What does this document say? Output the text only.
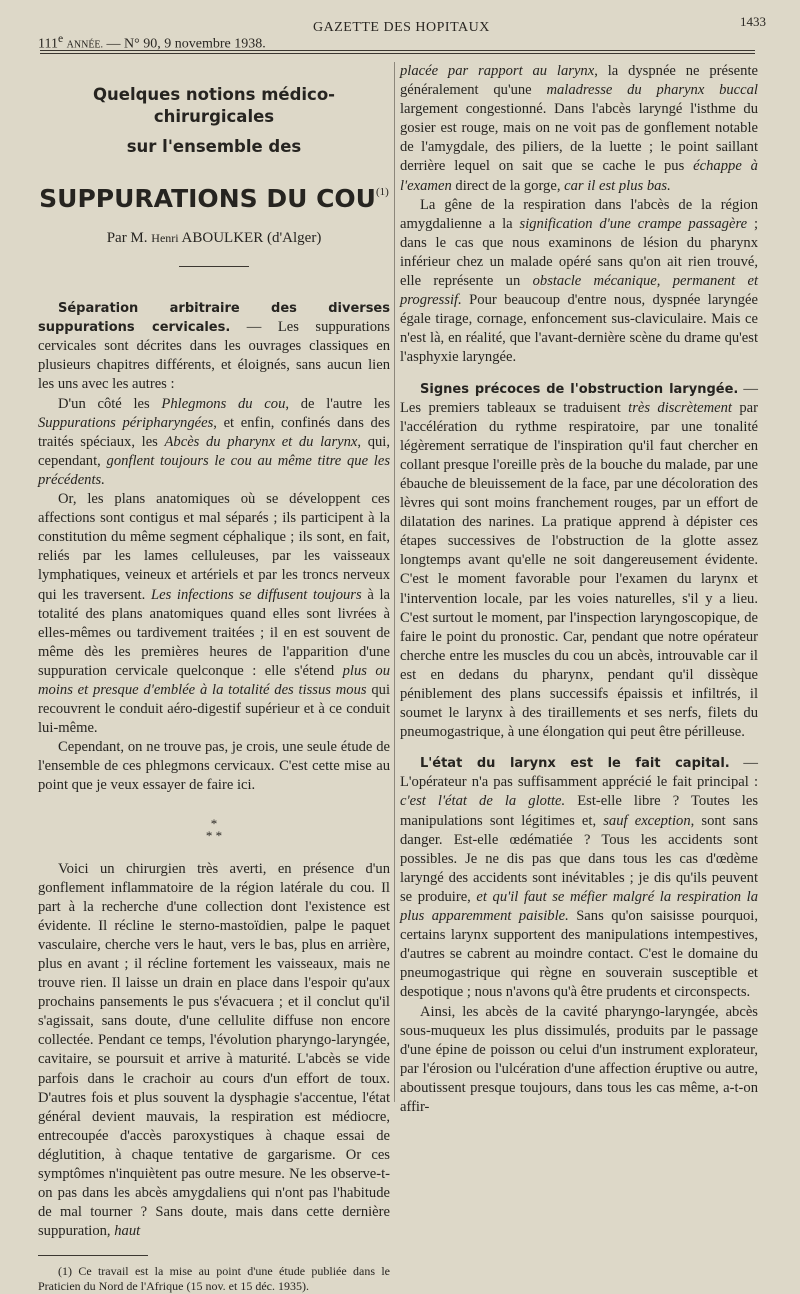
111e ANNÉE. — N° 90, 9 novembre 1938.
GAZETTE DES HOPITAUX	1433
Quelques notions médico-chirurgicales
sur l'ensemble des
SUPPURATIONS DU COU$^{(1)}$
Par M. Henri ABOULKER (d'Alger)

Séparation arbitraire des diverses suppurations cervicales. — Les suppurations cervicales sont décrites dans les ouvrages classiques en plusieurs chapitres différents, et éloignés, sans aucun lien les uns avec les autres :

D'un côté les Phlegmons du cou, de l'autre les Suppurations péripharyngées, et enfin, confinés dans des traités spéciaux, les Abcès du pharynx et du larynx, qui, cependant, gonflent toujours le cou au même titre que les précédents.

Or, les plans anatomiques où se développent ces affections sont contigus et mal séparés ; ils participent à la constitution du même segment céphalique ; ils sont, en fait, reliés par les lames celluleuses, par les vaisseaux lymphatiques, veineux et artériels et par les troncs nerveux qui les traversent. Les infections se diffusent toujours à la totalité des plans anatomiques quand elles sont livrées à elles-mêmes ou tardivement traitées ; il en est souvent de même dès les premières heures de l'apparition d'une suppuration cervicale quelconque : elle s'étend plus ou moins et presque d'emblée à la totalité des tissus mous qui recouvrent le conduit aéro-digestif supérieur et à ce conduit lui-même.

Cependant, on ne trouve pas, je crois, une seule étude de l'ensemble de ces phlegmons cervicaux. C'est cette mise au point que je veux essayer de faire ici.

*
* *

Voici un chirurgien très averti, en présence d'un gonflement inflammatoire de la région latérale du cou. Il part à la recherche d'une collection dont l'existence est évidente. Il récline le sterno-mastoïdien, palpe le paquet vasculaire, cherche vers le haut, vers le bas, plus en arrière, plus en avant ; il récline fortement les vaisseaux, mais ne trouve rien. Il laisse un drain en place dans l'espoir qu'aux prochains pansements le pus s'évacuera ; et il conclut qu'il s'agissait, sans doute, d'une cellulite diffuse non encore collectée. Pendant ce temps, l'évolution pharyngo-laryngée, cavitaire, se poursuit et arrive à maturité. L'abcès se vide parfois dans le crachoir au cours d'un effort de toux. D'autres fois et plus souvent la dysphagie s'accentue, l'état général devient mauvais, la respiration est médiocre, entrecoupée d'accès paroxystiques à chaque essai de déglutition, à chaque tentative de gargarisme. Or ces symptômes n'inquiètent pas outre mesure. Ne les observe-t-on pas dans les abcès amygdaliens qui n'ont pas l'habitude de mal tourner ? Sans doute, mais dans cette dernière suppuration, haut

(1) Ce travail est la mise au point d'une étude publiée dans le Praticien du Nord de l'Afrique (15 nov. et 15 déc. 1935).

placée par rapport au larynx, la dyspnée ne présente généralement qu'une maladresse du pharynx buccal largement congestionné. Dans l'abcès laryngé l'isthme du gosier est rouge, mais on ne voit pas de gonflement notable de l'amygdale, des piliers, de la luette ; le point saillant derrière lequel on sait que se cache le pus échappe à l'examen direct de la gorge, car il est plus bas.

La gêne de la respiration dans l'abcès de la région amygdalienne a la signification d'une crampe passagère ; dans le cas que nous examinons de lésion du pharynx inférieur chez un malade opéré sans qu'on ait rien trouvé, elle représente un obstacle mécanique, permanent et progressif. Pour beaucoup d'entre nous, dyspnée laryngée égale tirage, cornage, enfoncement sus-claviculaire. Mais ce n'est là, en réalité, que l'avant-dernière scène du drame qu'est l'asphyxie laryngée.

Signes précoces de l'obstruction laryngée. — Les premiers tableaux se traduisent très discrètement par l'accélération du rythme respiratoire, par une tonalité légèrement serratique de l'inspiration qu'il faut chercher en collant presque l'oreille près de la bouche du malade, par une ébauche de bleuissement de la face, par une décoloration des lèvres qui sont moins franchement rouges, par un effort de dilatation des narines. La pratique apprend à dépister ces étapes successives de l'obstruction de la glotte assez longtemps avant qu'elle ne soit dangereusement évidente. C'est le moment favorable pour l'examen du larynx et l'intervention locale, par les voies naturelles, s'il y a lieu. C'est surtout le moment, par l'inspection laryngoscopique, de faire le point du pronostic. Car, pendant que notre opérateur cherche entre les muscles du cou un abcès, introuvable car il est en dedans du pharynx, pendant qu'il dissèque péniblement des plans successifs épaissis et infiltrés, il soumet le larynx à des tiraillements et ses nerfs, filets du pneumogastrique, à une élongation qui peut être périlleuse.

L'état du larynx est le fait capital. — L'opérateur n'a pas suffisamment apprécié le fait principal : c'est l'état de la glotte. Est-elle libre ? Toutes les manipulations sont légitimes et, sauf exception, sont sans danger. Est-elle œdématiée ? Tous les accidents sont possibles. Je ne dis pas que dans tous les cas d'œdème laryngé des accidents sont inévitables ; je dis qu'ils peuvent se produire, et qu'il faut se méfier malgré la respiration la plus apparemment paisible. Sans qu'on saisisse pourquoi, certains larynx supportent des manipulations intempestives, d'autres se cabrent au moindre contact. C'est le domaine du pneumogastrique qui règne en souverain susceptible et despotique ; nous n'avons qu'à être prudents et circonspects.

Ainsi, les abcès de la cavité pharyngo-laryngée, abcès sous-muqueux les plus dissimulés, produits par le passage d'une épine de poisson ou celui d'un instrument explorateur, par l'érosion ou l'ulcération d'une affection éruptive ou autre, aboutissent presque toujours, dans tous les cas même, a-t-on affir-
